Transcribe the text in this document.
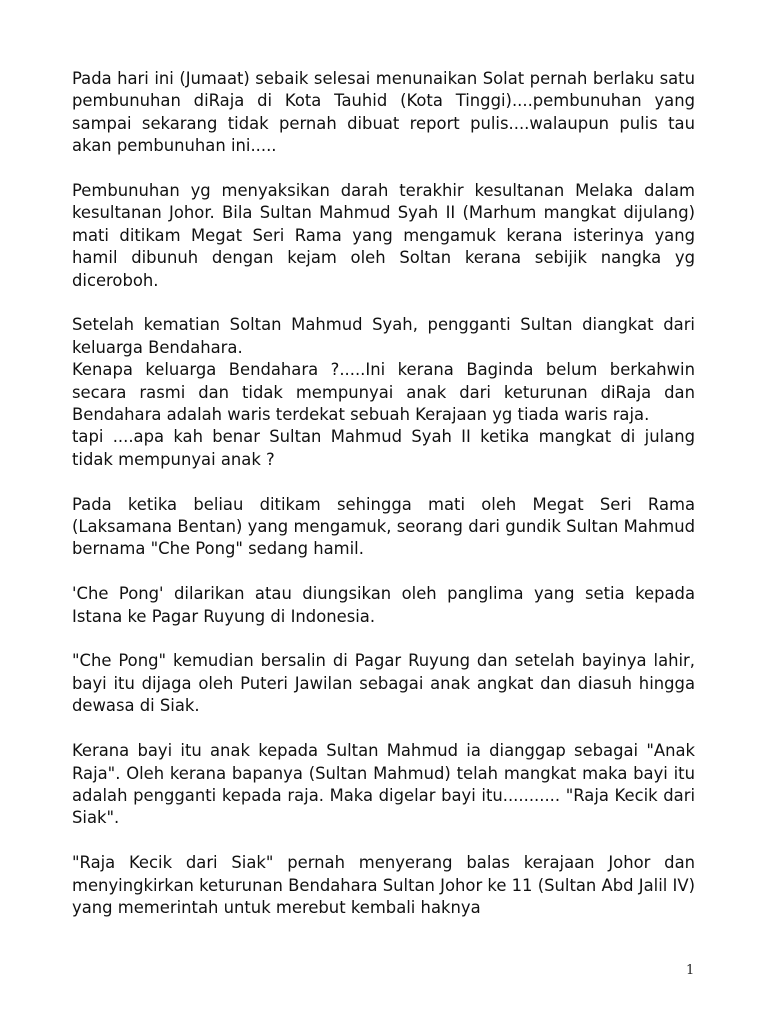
Pada hari ini (Jumaat) sebaik selesai menunaikan Solat pernah berlaku satu pembunuhan diRaja di Kota Tauhid (Kota Tinggi)....pembunuhan yang sampai sekarang tidak pernah dibuat report pulis....walaupun pulis tau akan pembunuhan ini.....

Pembunuhan yg menyaksikan darah terakhir kesultanan Melaka dalam kesultanan Johor. Bila Sultan Mahmud Syah II (Marhum mangkat dijulang) mati ditikam Megat Seri Rama yang mengamuk kerana isterinya yang hamil dibunuh dengan kejam oleh Soltan kerana sebijik nangka yg diceroboh.

Setelah kematian Soltan Mahmud Syah, pengganti Sultan diangkat dari keluarga Bendahara.

Kenapa keluarga Bendahara ?.....Ini kerana Baginda belum berkahwin secara rasmi dan tidak mempunyai anak dari keturunan diRaja dan Bendahara adalah waris terdekat sebuah Kerajaan yg tiada waris raja.

tapi ....apa kah benar Sultan Mahmud Syah II ketika mangkat di julang tidak mempunyai anak ?

Pada ketika beliau ditikam sehingga mati oleh Megat Seri Rama (Laksamana Bentan) yang mengamuk, seorang dari gundik Sultan Mahmud bernama "Che Pong" sedang hamil.

'Che Pong' dilarikan atau diungsikan oleh panglima yang setia kepada Istana ke Pagar Ruyung di Indonesia.

"Che Pong" kemudian bersalin di Pagar Ruyung dan setelah bayinya lahir, bayi itu dijaga oleh Puteri Jawilan sebagai anak angkat dan diasuh hingga dewasa di Siak.

Kerana bayi itu anak kepada Sultan Mahmud ia dianggap sebagai "Anak Raja". Oleh kerana bapanya (Sultan Mahmud) telah mangkat maka bayi itu adalah pengganti kepada raja. Maka digelar bayi itu........... "Raja Kecik dari Siak".

"Raja Kecik dari Siak" pernah menyerang balas kerajaan Johor dan menyingkirkan keturunan Bendahara Sultan Johor ke 11 (Sultan Abd Jalil IV) yang memerintah untuk merebut kembali haknya

1
